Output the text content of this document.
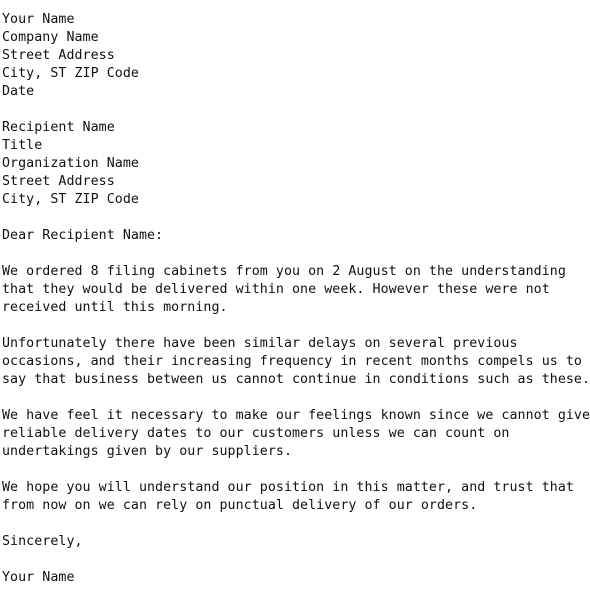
Your Name
Company Name
Street Address
City, ST ZIP Code
Date
Recipient Name
Title
Organization Name
Street Address
City, ST ZIP Code
Dear Recipient Name:
We ordered 8 filing cabinets from you on 2 August on the understanding
that they would be delivered within one week. However these were not
received until this morning.
Unfortunately there have been similar delays on several previous
occasions, and their increasing frequency in recent months compels us to
say that business between us cannot continue in conditions such as these.
We have feel it necessary to make our feelings known since we cannot give
reliable delivery dates to our customers unless we can count on
undertakings given by our suppliers.
We hope you will understand our position in this matter, and trust that
from now on we can rely on punctual delivery of our orders.
Sincerely,
Your Name
